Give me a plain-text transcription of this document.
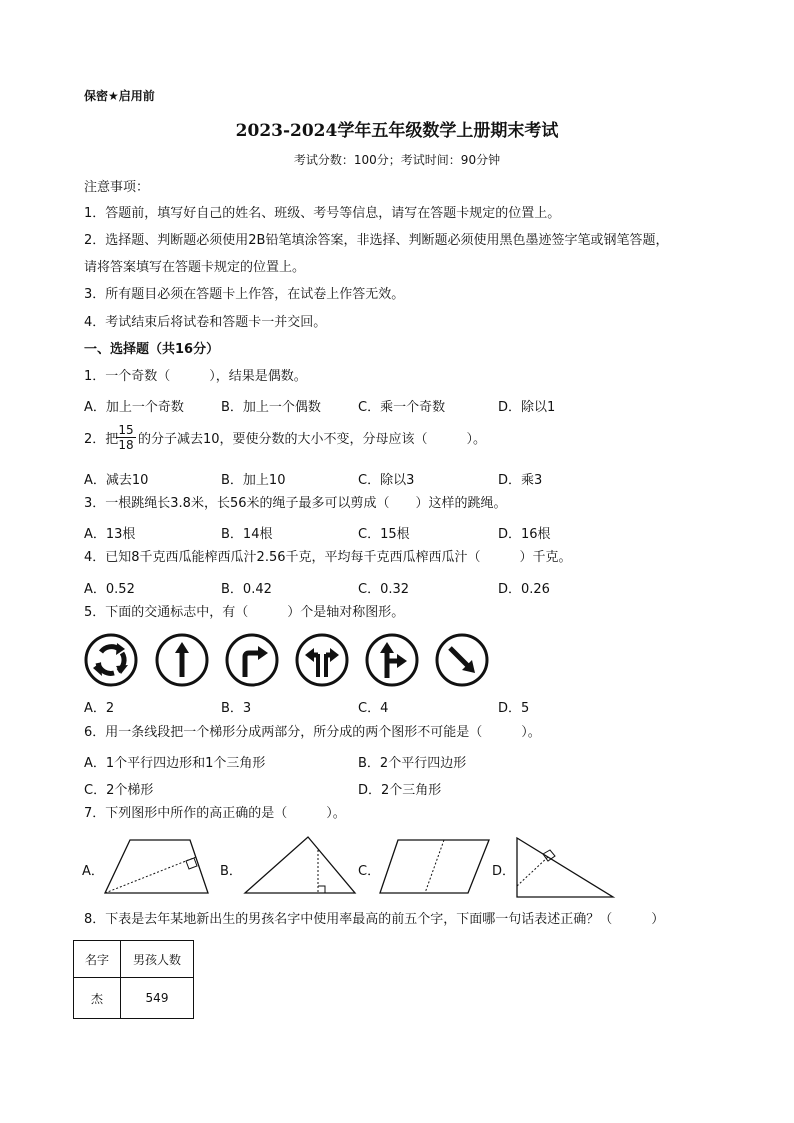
保密★启用前
2023-2024学年五年级数学上册期末考试
考试分数：100分；考试时间：90分钟
注意事项：
1．答题前，填写好自己的姓名、班级、考号等信息，请写在答题卡规定的位置上。
2．选择题、判断题必须使用2B铅笔填涂答案，非选择、判断题必须使用黑色墨迹签字笔或钢笔答题，
请将答案填写在答题卡规定的位置上。
3．所有题目必须在答题卡上作答，在试卷上作答无效。
4．考试结束后将试卷和答题卡一并交回。
一、选择题（共16分）
1．一个奇数（　　　），结果是偶数。
A．加上一个奇数	B．加上一个偶数	C．乘一个奇数	D．除以1
2．把
$\frac{15}{18}$ 的分子减去10，要使分数的大小不变，分母应该（　　　）。
A．减去10	B．加上10	C．除以3	D．乘3
3．一根跳绳长3.8米，长56米的绳子最多可以剪成（　　）这样的跳绳。
A．13根	B．14根	C．15根	D．16根
4．已知8千克西瓜能榨西瓜汁2.56千克，平均每千克西瓜榨西瓜汁（　　　）千克。
A．0.52	B．0.42	C．0.32	D．0.26
5．下面的交通标志中，有（　　　）个是轴对称图形。
A．2	B．3	C．4	D．5
6．用一条线段把一个梯形分成两部分，所分成的两个图形不可能是（　　　）。
A．1个平行四边形和1个三角形	B．2个平行四边形
C．2个梯形	D．2个三角形
7．下列图形中所作的高正确的是（　　　）。
A．	B．	C．	D．
8．下表是去年某地新出生的男孩名字中使用率最高的前五个字，下面哪一句话表述正确？（　　　）
名字	男孩人数
杰	549
